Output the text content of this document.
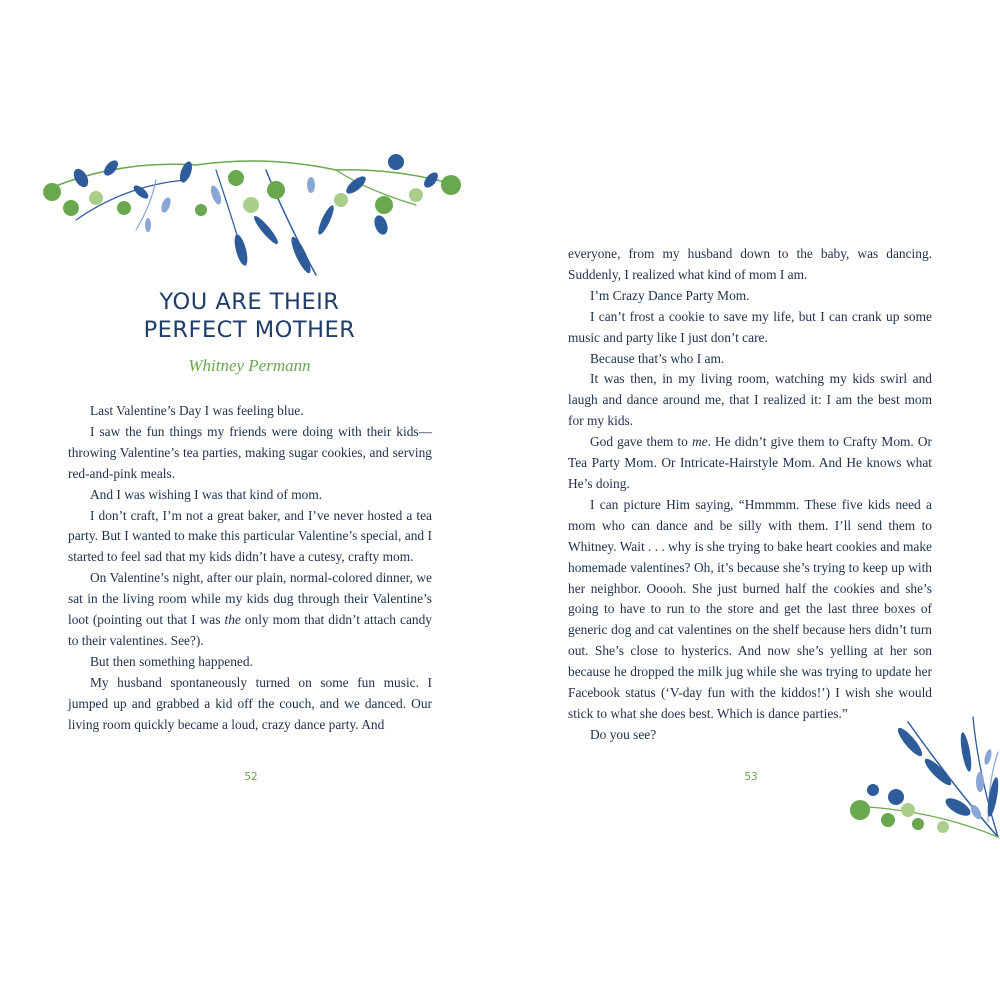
YOU ARE THEIR
PERFECT MOTHER
Whitney Permann

Last Valentine’s Day I was feeling blue.

I saw the fun things my friends were doing with their kids—throwing Valentine’s tea parties, making sugar cookies, and serving red-and-pink meals.

And I was wishing I was that kind of mom.

I don’t craft, I’m not a great baker, and I’ve never hosted a tea party. But I wanted to make this particular Valentine’s special, and I started to feel sad that my kids didn’t have a cutesy, crafty mom.

On Valentine’s night, after our plain, normal-colored dinner, we sat in the living room while my kids dug through their Valentine’s loot (pointing out that I was the only mom that didn’t attach candy to their valentines. See?).

But then something happened.

My husband spontaneously turned on some fun music. I jumped up and grabbed a kid off the couch, and we danced. Our living room quickly became a loud, crazy dance party. And

52	53

everyone, from my husband down to the baby, was dancing. Suddenly, I realized what kind of mom I am.

I’m Crazy Dance Party Mom.

I can’t frost a cookie to save my life, but I can crank up some music and party like I just don’t care.

Because that’s who I am.

It was then, in my living room, watching my kids swirl and laugh and dance around me, that I realized it: I am the best mom for my kids.

God gave them to me. He didn’t give them to Crafty Mom. Or Tea Party Mom. Or Intricate-Hairstyle Mom. And He knows what He’s doing.

I can picture Him saying, “Hmmmm. These five kids need a mom who can dance and be silly with them. I’ll send them to Whitney. Wait . . . why is she trying to bake heart cookies and make homemade valentines? Oh, it’s because she’s trying to keep up with her neighbor. Ooooh. She just burned half the cookies and she’s going to have to run to the store and get the last three boxes of generic dog and cat valentines on the shelf because hers didn’t turn out. She’s close to hysterics. And now she’s yelling at her son because he dropped the milk jug while she was trying to update her Facebook status (‘V-day fun with the kiddos!’) I wish she would stick to what she does best. Which is dance parties.”

Do you see?
